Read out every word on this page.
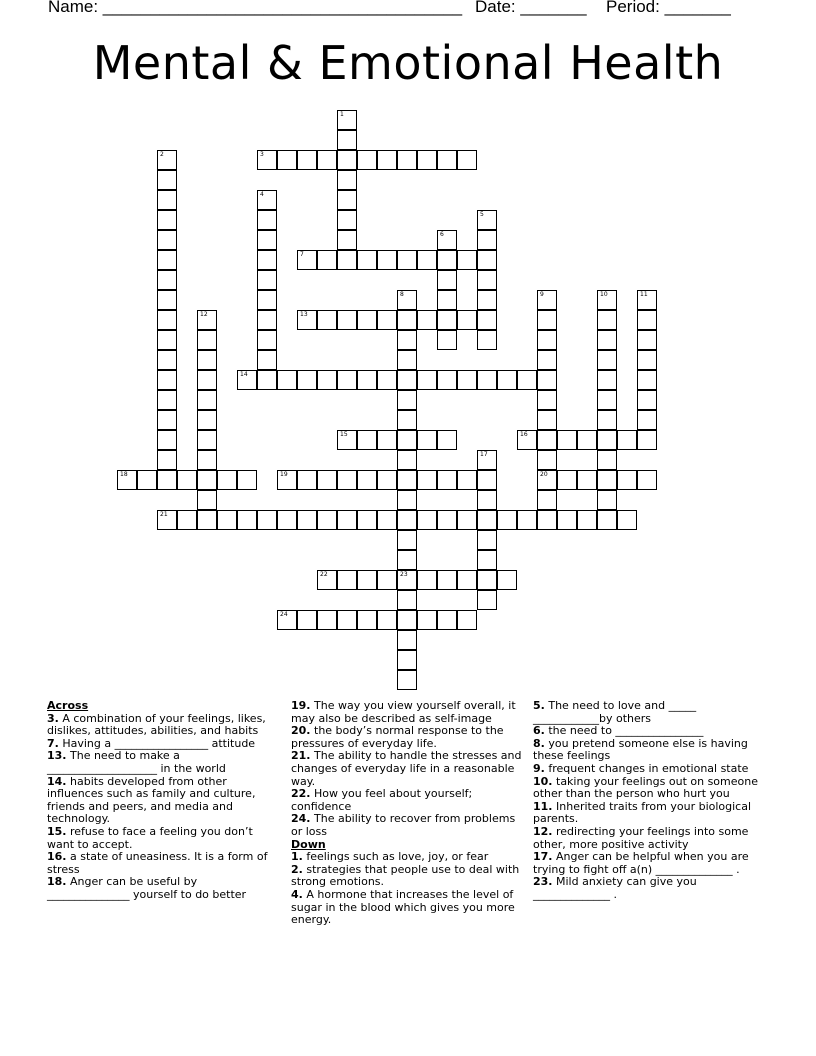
Name: ______________________________________ Date: _______ Period: _______
Mental & Emotional Health
1
2	3
4
5
6
7
8	9
20
10	11
12	13
14
15	16
17
18	19
21
22	23
24
Across
3. A combination of your feelings, likes, dislikes, attitudes, abilities, and habits
7. Having a _________________ attitude
13. The need to make a ____________________ in the world
14. habits developed from other influences such as family and culture, friends and peers, and media and technology.
15. refuse to face a feeling you don’t want to accept.
16. a state of uneasiness. It is a form of stress
18. Anger can be useful by _______________ yourself to do better
19. The way you view yourself overall, it may also be described as self-image
20. the body’s normal response to the pressures of everyday life.
21. The ability to handle the stresses and changes of everyday life in a reasonable way.
22. How you feel about yourself; confidence
24. The ability to recover from problems or loss
Down
1. feelings such as love, joy, or fear
2. strategies that people use to deal with strong emotions.
4. A hormone that increases the level of sugar in the blood which gives you more energy.
5. The need to love and _____ ____________by others
6. the need to ________________
8. you pretend someone else is having these feelings
9. frequent changes in emotional state
10. taking your feelings out on someone other than the person who hurt you
11. Inherited traits from your biological parents.
12. redirecting your feelings into some other, more positive activity
17. Anger can be helpful when you are trying to fight off a(n) ______________ .
23. Mild anxiety can give you ______________ .
